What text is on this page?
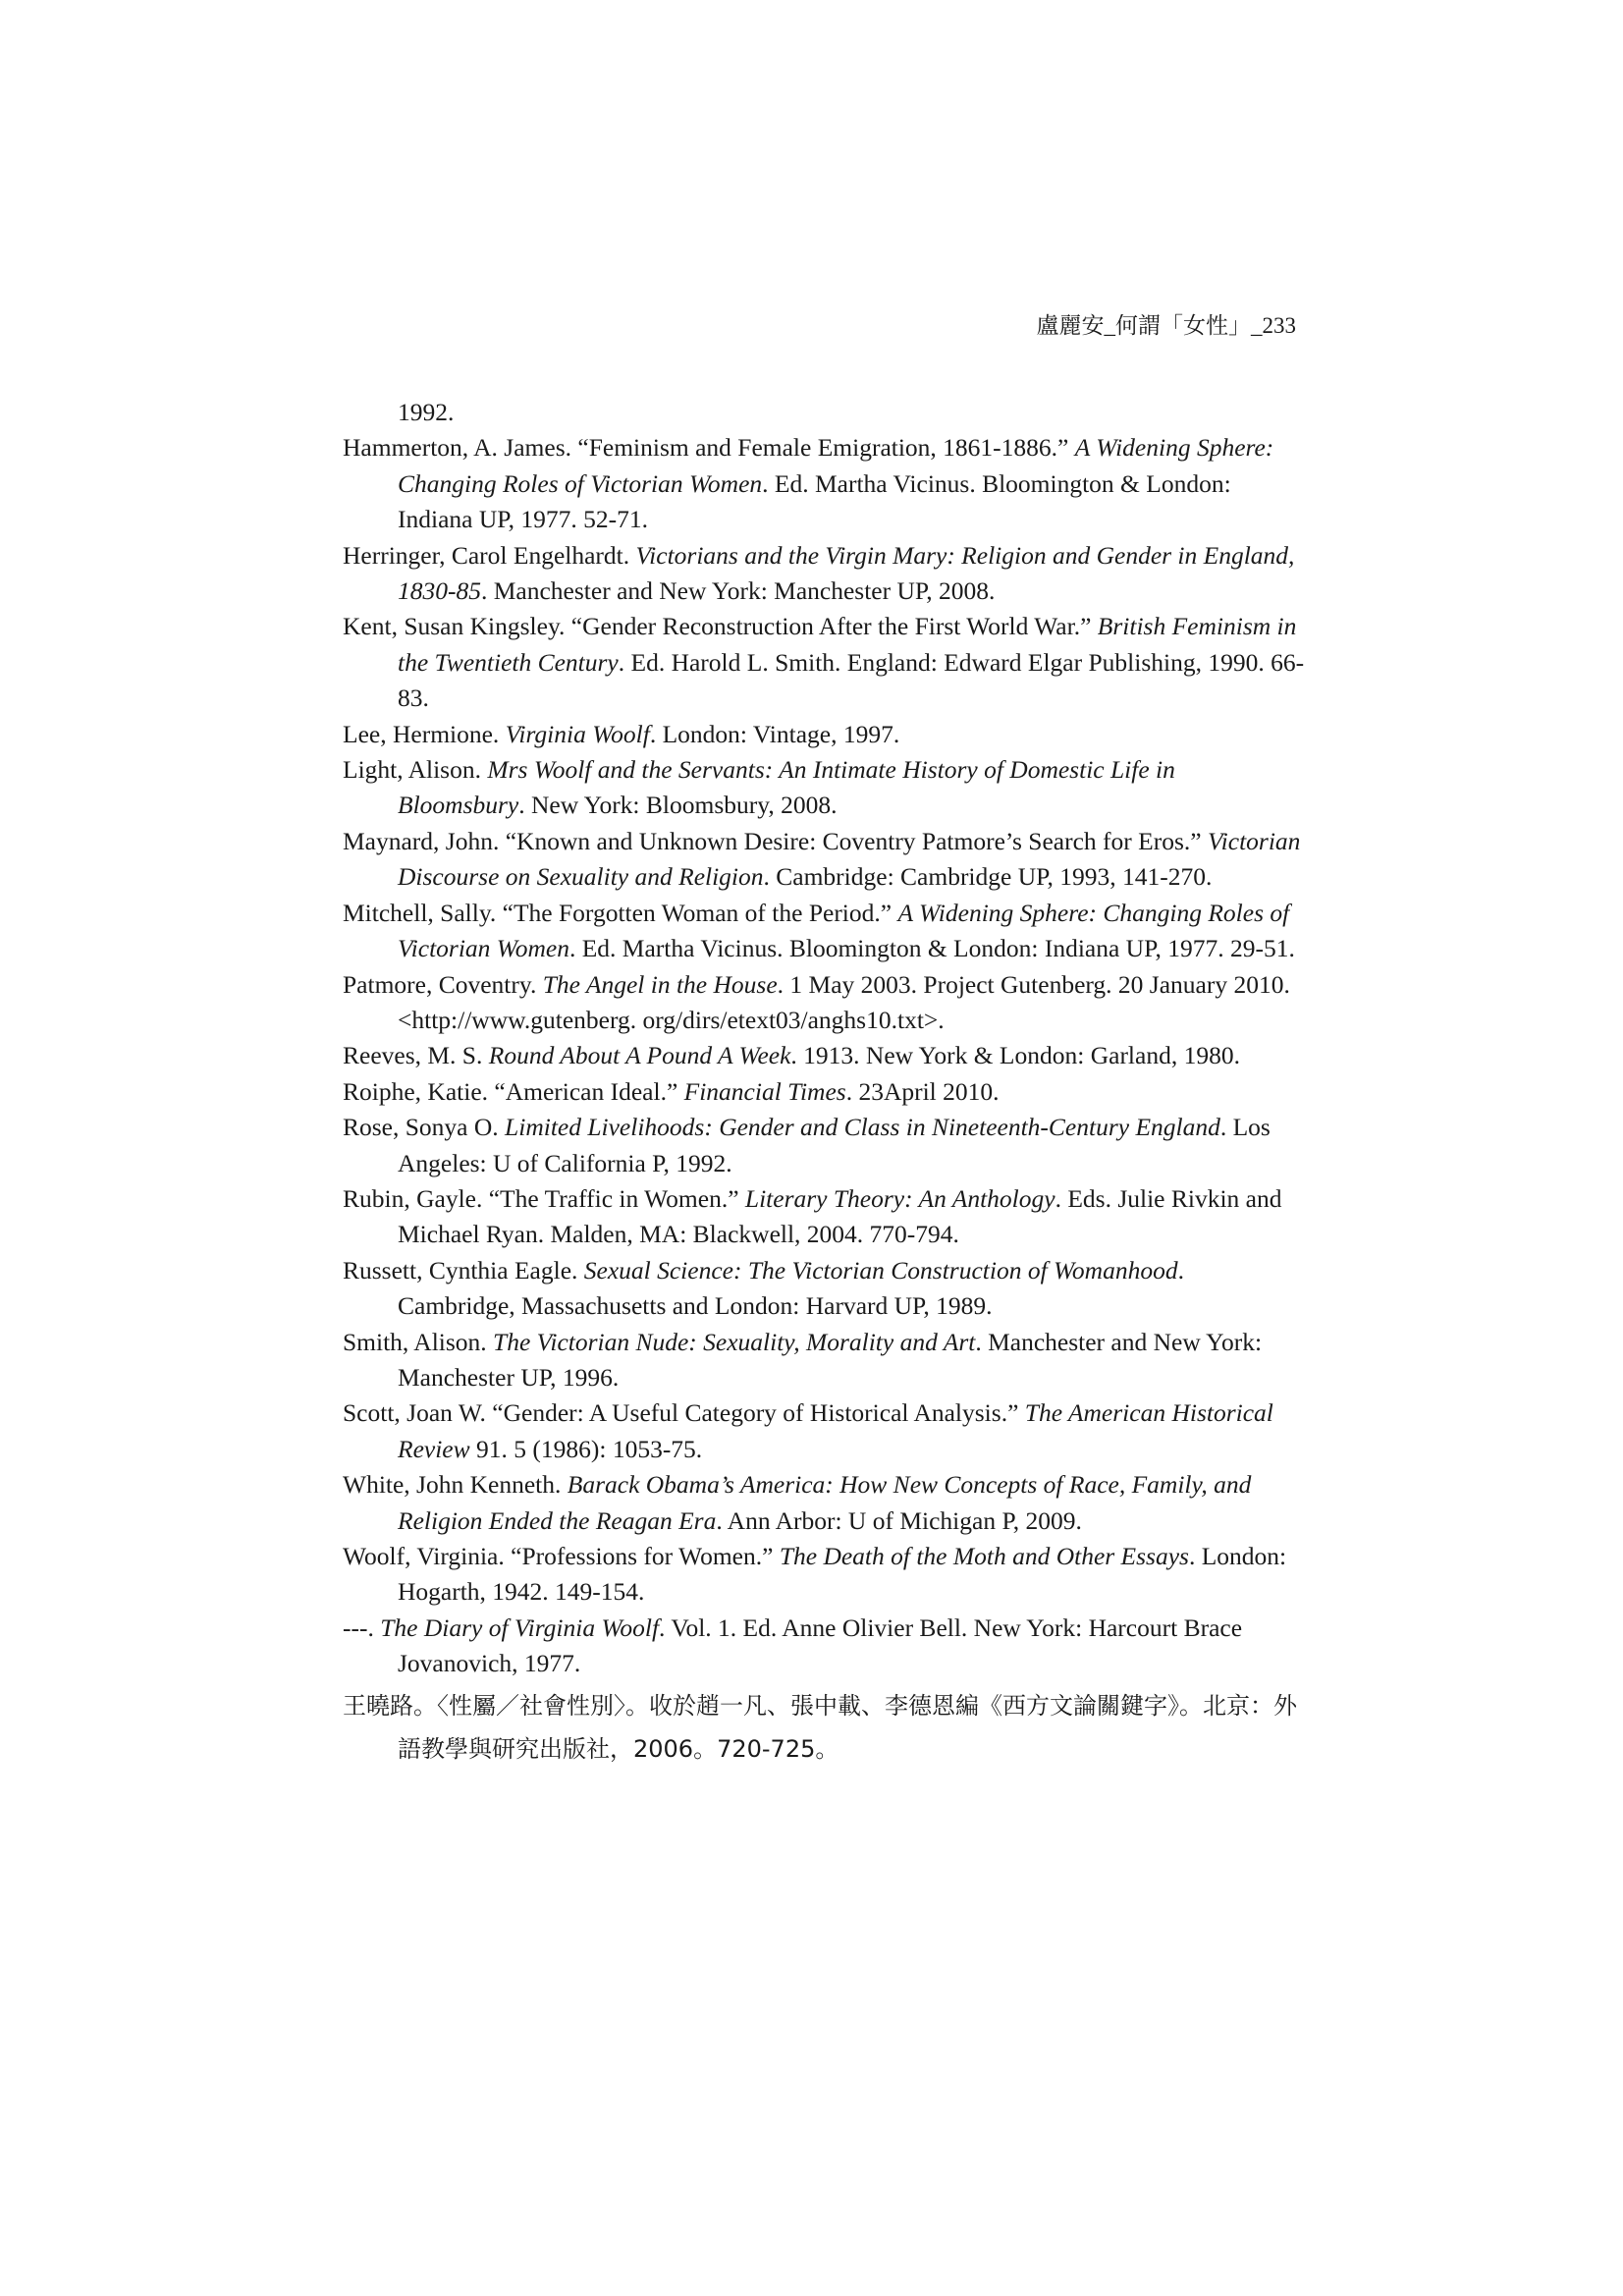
盧麗安_何謂「女性」_233

1992.

Hammerton, A. James. “Feminism and Female Emigration, 1861-1886.” A Widening Sphere: Changing Roles of Victorian Women. Ed. Martha Vicinus. Bloomington & London: Indiana UP, 1977. 52-71.

Herringer, Carol Engelhardt. Victorians and the Virgin Mary: Religion and Gender in England, 1830-85. Manchester and New York: Manchester UP, 2008.

Kent, Susan Kingsley. “Gender Reconstruction After the First World War.” British Feminism in the Twentieth Century. Ed. Harold L. Smith. England: Edward Elgar Publishing, 1990. 66-83.

Lee, Hermione. Virginia Woolf. London: Vintage, 1997.

Light, Alison. Mrs Woolf and the Servants: An Intimate History of Domestic Life in Bloomsbury. New York: Bloomsbury, 2008.

Maynard, John. “Known and Unknown Desire: Coventry Patmore’s Search for Eros.” Victorian Discourse on Sexuality and Religion. Cambridge: Cambridge UP, 1993, 141-270.

Mitchell, Sally. “The Forgotten Woman of the Period.” A Widening Sphere: Changing Roles of Victorian Women. Ed. Martha Vicinus. Bloomington & London: Indiana UP, 1977. 29-51.

Patmore, Coventry. The Angel in the House. 1 May 2003. Project Gutenberg. 20 January 2010. <http://www.gutenberg. org/dirs/etext03/anghs10.txt>.

Reeves, M. S. Round About A Pound A Week. 1913. New York & London: Garland, 1980.

Roiphe, Katie. “American Ideal.” Financial Times. 23April 2010.

Rose, Sonya O. Limited Livelihoods: Gender and Class in Nineteenth-Century England. Los Angeles: U of California P, 1992.

Rubin, Gayle. “The Traffic in Women.” Literary Theory: An Anthology. Eds. Julie Rivkin and Michael Ryan. Malden, MA: Blackwell, 2004. 770-794.

Russett, Cynthia Eagle. Sexual Science: The Victorian Construction of Womanhood. Cambridge, Massachusetts and London: Harvard UP, 1989.

Smith, Alison. The Victorian Nude: Sexuality, Morality and Art. Manchester and New York: Manchester UP, 1996.

Scott, Joan W. “Gender: A Useful Category of Historical Analysis.” The American Historical Review 91. 5 (1986): 1053-75.

White, John Kenneth. Barack Obama’s America: How New Concepts of Race, Family, and Religion Ended the Reagan Era. Ann Arbor: U of Michigan P, 2009.

Woolf, Virginia. “Professions for Women.” The Death of the Moth and Other Essays. London: Hogarth, 1942. 149-154.

---. The Diary of Virginia Woolf. Vol. 1. Ed. Anne Olivier Bell. New York: Harcourt Brace Jovanovich, 1977.

王曉路。〈性屬／社會性別〉。收於趙一凡、張中載、李德恩編《西方文論關鍵字》。北京：外語教學與研究出版社，2006。720-725。
